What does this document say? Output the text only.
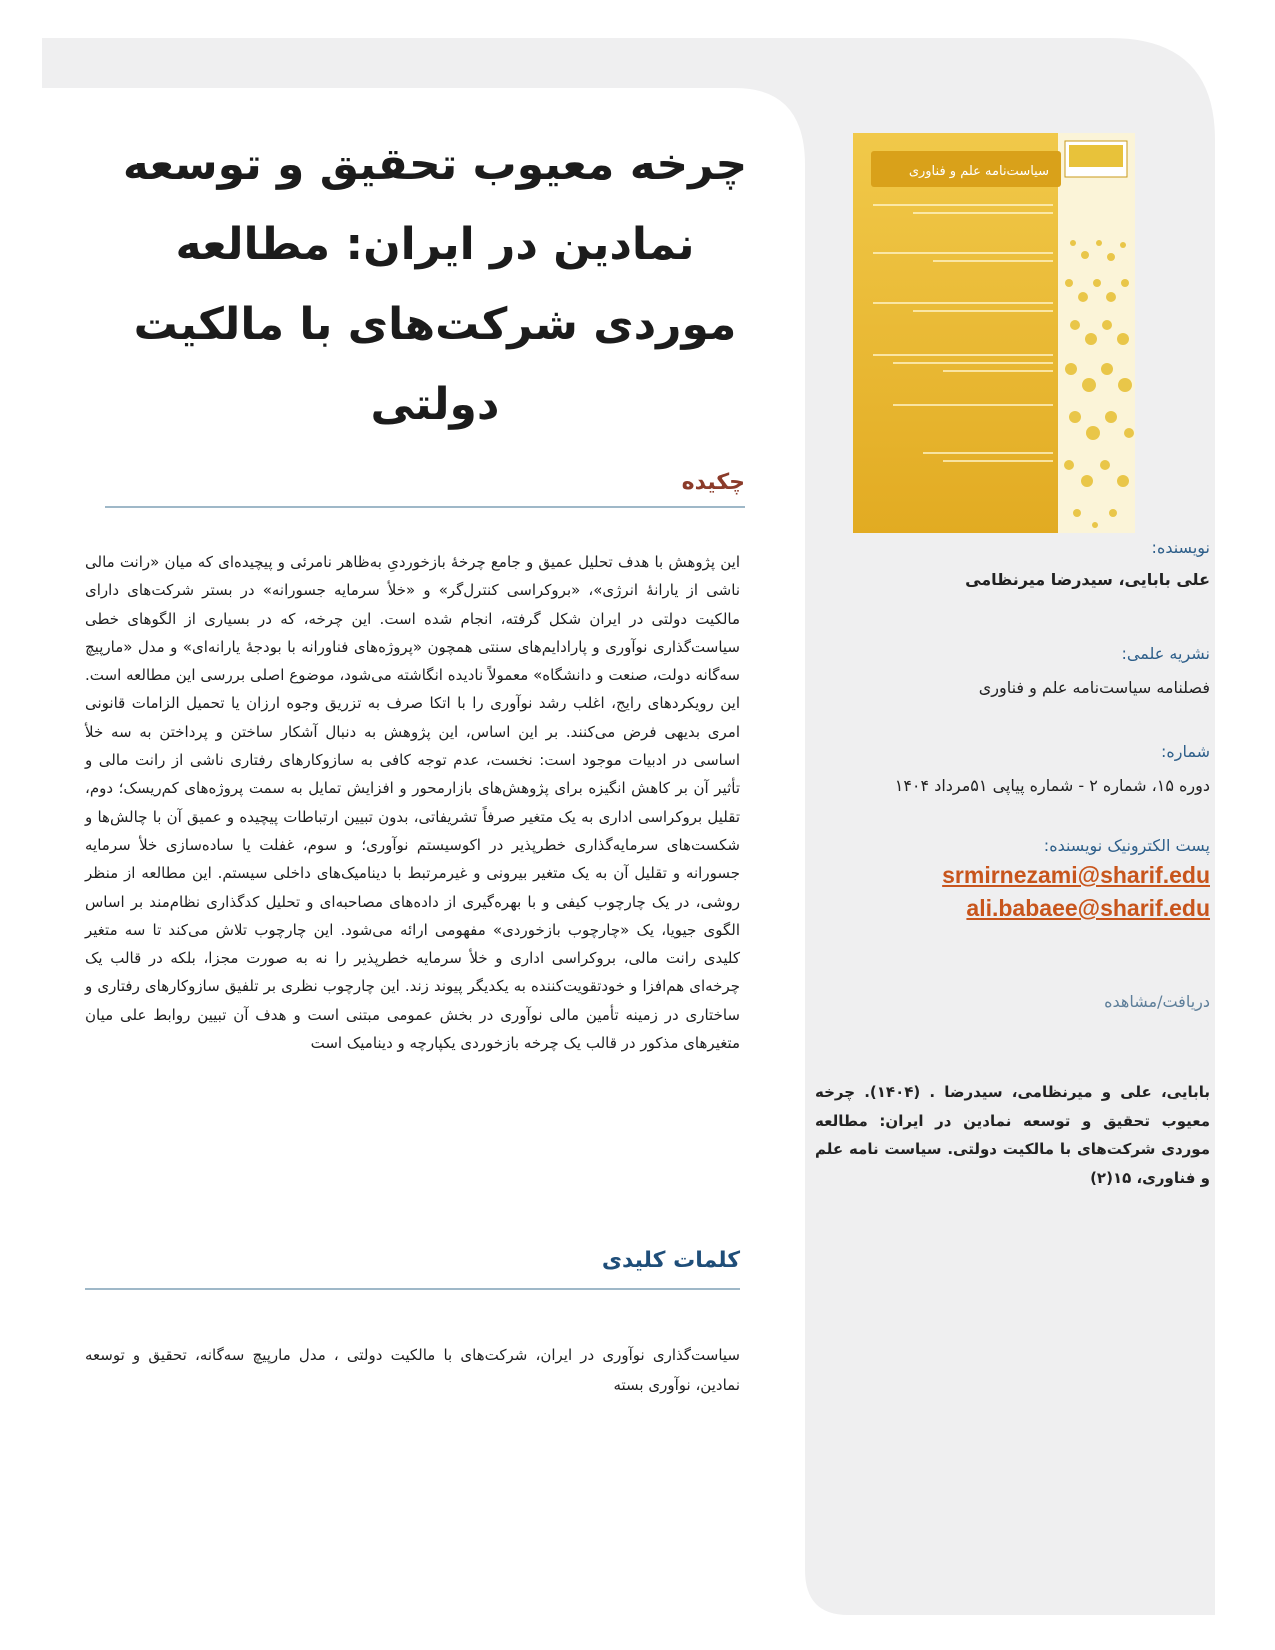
چرخه معیوب تحقیق و توسعه نمادین در ایران: مطالعه موردی شرکت‌های با مالکیت دولتی
چکیده
این پژوهش با هدف تحلیل عمیق و جامع چرخهٔ بازخوردیِ به‌ظاهر نامرئی و پیچیده‌ای که میان «رانت مالی ناشی از یارانهٔ انرژی»، «بروکراسی کنترل‌گر» و «خلأ سرمایه جسورانه» در بستر شرکت‌های دارای مالکیت دولتی در ایران شکل گرفته، انجام شده است. این چرخه، که در بسیاری از الگوهای خطی سیاست‌گذاری نوآوری و پارادایم‌های سنتی همچون «پروژه‌های فناورانه با بودجهٔ یارانه‌ای» و مدل «مارپیچ سه‌گانه دولت، صنعت و دانشگاه» معمولاً نادیده انگاشته می‌شود، موضوع اصلی بررسی این مطالعه است. این رویکردهای رایج، اغلب رشد نوآوری را با اتکا صرف به تزریق وجوه ارزان یا تحمیل الزامات قانونی امری بدیهی فرض می‌کنند. بر این اساس، این پژوهش به دنبال آشکار ساختن و پرداختن به سه خلأ اساسی در ادبیات موجود است: نخست، عدم توجه کافی به سازوکارهای رفتاری ناشی از رانت مالی و تأثیر آن بر کاهش انگیزه برای پژوهش‌های بازارمحور و افزایش تمایل به سمت پروژه‌های کم‌ریسک؛ دوم، تقلیل بروکراسی اداری به یک متغیر صرفاً تشریفاتی، بدون تبیین ارتباطات پیچیده و عمیق آن با چالش‌ها و شکست‌های سرمایه‌گذاری خطرپذیر در اکوسیستم نوآوری؛ و سوم، غفلت یا ساده‌سازی خلأ سرمایه جسورانه و تقلیل آن به یک متغیر بیرونی و غیرمرتبط با دینامیک‌های داخلی سیستم. این مطالعه از منظر روشی، در یک چارچوب کیفی و با بهره‌گیری از داده‌های مصاحبه‌ای و تحلیل کدگذاری نظام‌مند بر اساس الگوی جیویا، یک «چارچوب بازخوردی» مفهومی ارائه می‌شود. این چارچوب تلاش می‌کند تا سه متغیر کلیدی رانت مالی، بروکراسی اداری و خلأ سرمایه خطرپذیر را نه به صورت مجزا، بلکه در قالب یک چرخه‌ای هم‌افزا و خودتقویت‌کننده به یکدیگر پیوند زند. این چارچوب نظری بر تلفیق سازوکارهای رفتاری و ساختاری در زمینه تأمین مالی نوآوری در بخش عمومی مبتنی است و هدف آن تبیین روابط علی میان متغیرهای مذکور در قالب یک چرخه بازخوردی یکپارچه و دینامیک است
کلمات کلیدی
سیاست‌گذاری نوآوری در ایران، شرکت‌های با مالکیت دولتی ، مدل مارپیچ سه‌گانه، تحقیق و توسعه نمادین، نوآوری بسته
سیاست‌نامه علم و فناوری
نویسنده:
علی بابایی، سیدرضا میرنظامی
نشریه علمی:
فصلنامه سیاست‌نامه علم و فناوری
شماره:
دوره ۱۵، شماره ۲ - شماره پیاپی ۵۱مرداد ۱۴۰۴
پست الکترونیک نویسنده:
srmirnezami@sharif.edu
ali.babaee@sharif.edu
دریافت/مشاهده
بابایی، علی و میرنظامی، سیدرضا . (۱۴۰۴). چرخه معیوب تحقیق و توسعه نمادین در ایران: مطالعه موردی شرکت‌های با مالکیت دولتی. سیاست نامه علم و فناوری، ۱۵(۲)
